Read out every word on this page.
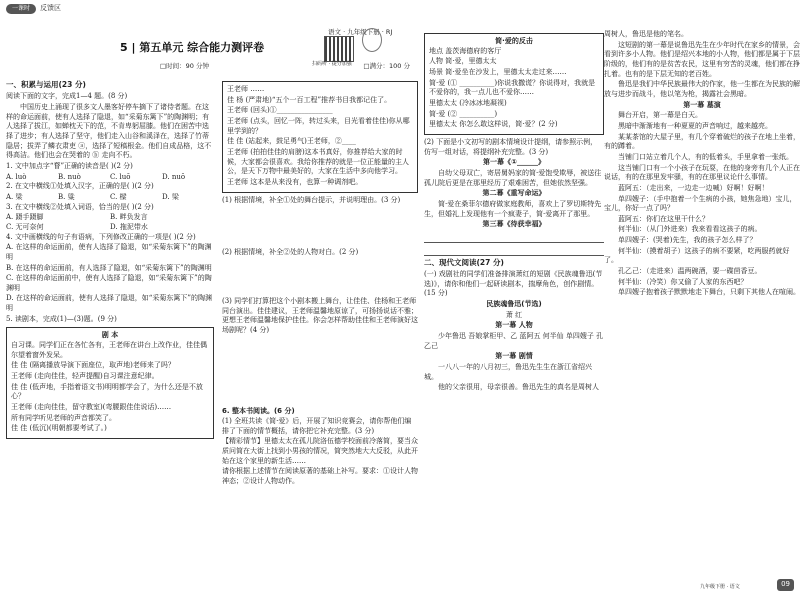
一课时	反馈区
语文 · 九年级下册 · RJ
扫码听 · 提分加强
5 | 第五单元 综合能力测评卷
□时间：90 分钟	□满分：100 分
一、积累与运用(23 分)

阅读下面的文字，完成1—4 题。(8 分)

中国历史上涌现了很多文人墨客好停车摘下了诸侍者题。在这样的命运面前，使有人选择了隐退，如“采菊东篱下”的陶渊明；有人选择了拔江，如蝉枕天下的范，不肯卑躬屈膝。他们在困苦中选择了进步；有人选择了坚守，他们走入山谷和溪泽在，选择了竹蒂隐居；拔弄了鳞衣肃吏 ⓐ，选择了短稿根金。他们自成品格，这不得高洁。他们也会在哭着的 ⓑ 走向不朽。

1. 文中加点字“瞀”正确的读音是( )(2 分)

A. luò	B. nuò	C. luō	D. nuō

2. 在文中横线①处填入汉字，正确的是( )(2 分)

A. 梁	B. 粱	C. 樑	D. 梁

3. 在文中横线②处填入词语，恰当的是( )(2 分)

A. 蹑手蹑脚	B. 畔负发言
C. 无可奈何	D. 拖泥带水

4. 文中画横线的句子有语病，下列修改正确的一项是( )(2 分)

A. 在这样的命运面前，使有人选择了隐退，如“采菊东篱下”的陶渊明

B. 在这样的命运面前，有人选择了隐退，如“采菊东篱下”的陶渊明

C. 在这样的命运面前中，使有人选择了隐退，如“采菊东篱下”的陶渊明

D. 在这样的命运面前，使有人选择了隐退，如“采菊东篱下”的陶渊明

5. 读剧本，完成(1)—(3)题。(9 分)

剧 本

自习课。同学们正在各忙各有，王老师在讲台上改作业，佳佳偶尔望着窗外发呆。

佳 佳 (隔离播放导演下面座位，取声地)老师来了吗？

王老师 (走向佳佳，轻声提醒)自习课注意纪律。

佳 佳 (低声地，手指着语文书)明明都学会了，为什么还是不放心？

王老师 (走向佳佳，留守教室)(弯腰跟佳佳说话)……

所有同学听见老师的声音都笑了。

佳 佳 (低沉)(明朝都要考试了。)

王老师 ……

佳 杨 (严肃地)“五个一百工程”推荐书目我都记住了。

王老师 (回头)①________________

王老师 (点头，回忆一阵，转过头来，目光看着佳佳)你从哪里学到的？

佳 佳 (站起来，鼓足勇气)王老师，②____

王老师 (拍拍佳佳的肩膀)这本书真好，你推荐给大家的时候，大家都会很喜欢。我给你推荐的就是一位正能量的主人公，是天下万物中最美好的，大家在生活中多向他学习。

王老师 这本是从来没有，也算一种调剂吧。

(1) 根据情境，补全①处的舞台提示，并说明理由。(3 分)

(2) 根据情境，补全②处的人物对白。(2 分)

(3) 同学们打算把这个小剧本搬上舞台，让佳佳、佳杨和王老师同台演出。佳佳建议，王老师温馨地原谅了，可扬扬说话不雅；更想王老师温馨地保护佳佳。你会怎样帮助佳佳和王老师演好这场剧呢？(4 分)

6. 整本书阅读。(6 分)

(1) 全班共读《简·爱》后，开展了知识竞赛会，请你帮他们编排了下面的情节概括，请你把它补充完整。(3 分)

【精彩情节】里德太太在孤儿院洛伍德学校面前冷落简，要当众质问简在大街上找到小男孩的情况，简突然地大大反驳，从此开始在这个家里的新生活……

请你根据上述情节在阅读原著的基础上补写。要求：①设计人物神态；②设计人物动作。

简·爱的反击

地点 盖茨海德府的客厅

人物 简·爱，里德太太

场景 简·爱坐在沙发上，里德太太走过来……

简·爱 (① __________)你说我撒谎？你说得对，我就是不爱你的，我一点儿也不爱你……

里德太太 (冷冰冰地凝视)

简·爱 (② __________)

里德太太 你怎么敢这样说，简·爱？(2 分)

(2) 下面是小文初写的剧本情境设计提纲，请参照示例，仿写一组对话，将提纲补充完整。(3 分)

第一幕《①______》

自幼父母双亡，寄居舅妈家的简·爱饱受欺辱，被送往孤儿院后更是在那里经历了艰难困苦，但她依然坚强。

第二幕《重写命运》

简·爱在桑菲尔德府做家庭教师，喜欢上了罗切斯特先生，但婚礼上发现他有一个疯妻子，简·爱离开了那里。

第三幕《待获幸福》

二、现代文阅读(27 分)

(一) 戏剧社的同学们准备排演萧红的短剧《民族魂鲁迅(节选)》，请你和他们一起研读剧本，揣摩角色，创作剧情。(15 分)

民族魂鲁迅(节选)

萧 红

第一幕 人物

少年鲁迅 吾娘掌柜甲、乙 蓝阿五 何半仙 单四嫂子 孔乙己

第一幕 剧情

一八八一年的八月初三，鲁迅先生生在浙江省绍兴城。

他的父亲很用，母亲很善。鲁迅先生的真名是周树人

周树人，鲁迅是他的笔名。

这短剧的第一幕是说鲁迅先生在少年时代在家乡的情景，会看到许多小人物。他们是绍兴本地的小人物，他们都是属于下层阶级的，他们有的是贫苦农民，这里有穷苦的灵魂，他们都在挣扎着。也有的是下层无知的老百姓。

鲁迅是我们中华民族最伟大的作家，他一生都在为民族的解放与进步而战斗，他以笔为枪，揭露社会黑暗。

第一幕 墓演

舞台开启，第一幕是白天。

黑暗中渐渐地有一种夏夏的声音响过，越来越亮。

某某茶馆的大屋子里，有几个穿着破烂的孩子在地上坐着，有的蹲着。

当铺门口站立着几个人，有的低着头，手里拿着一张纸。

这当铺门口有一个小孩子在玩耍，在他的身旁有几个人正在说话，有的在那里发牢骚，有的在那里议论什么事情。

蓝阿五：（走出来，一边走一边喊）好啊！好啊！

单四嫂子：（手中抱着一个生病的小孩，她焦急地）宝儿，宝儿，你好一点了吗？

蓝阿五：你们在这里干什么？

何半仙：（从门外进来）我来看看这孩子的病。

单四嫂子：(哭着)先生，我的孩子怎么样了？

何半仙：（摸着胡子）这孩子的病不要紧，吃两服药就好了。

孔乙己：（走进来）温两碗酒，要一碟茴香豆。

何半仙：（冷笑）你又偷了人家的东西吧？

单四嫂子抱着孩子默默地走下舞台，只剩下其他人在喧闹。

九年级下册 · 语文	09
